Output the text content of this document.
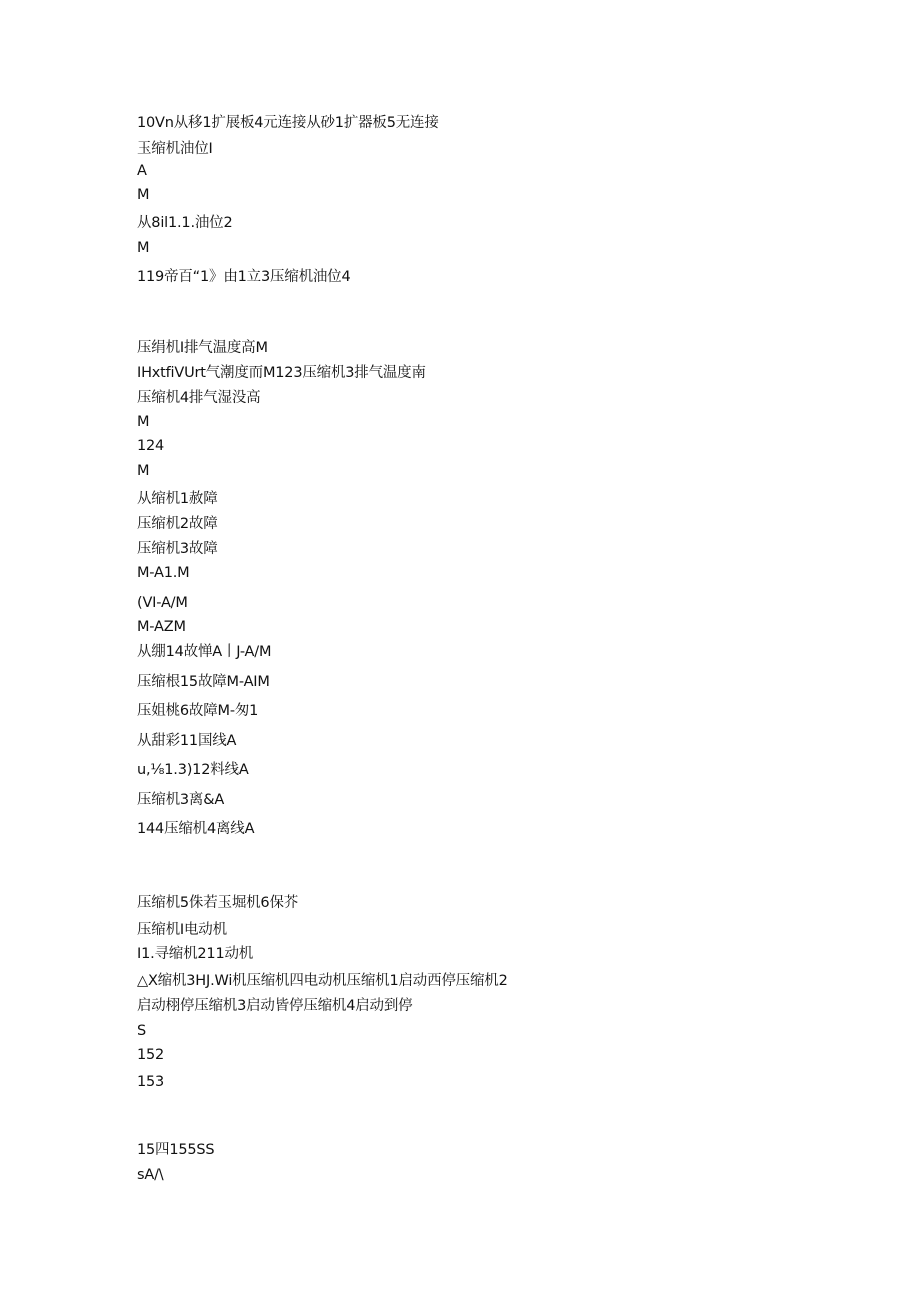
10Vn从移1扩展板4元连接从砂1扩器板5无连接
玉缩机油位I
A
M
从8il1.1.油位2
M
119帝百“1》由1立3压缩机油位4
压绢机I排气温度高M
IHxtfiVUrt气潮度而M123压缩机3排气温度南
压缩机4排气湿没高
M
124
M
从缩机1赦障
压缩机2故障
压缩机3故障
M-A1.M
(VI-A/M
M-AZM
从绷14故惮A丨J-A/M
压缩根15故障M-AIM
压姐桃6故障M-匆1
从甜彩11国线A
u,⅛1.3)12料线A
压缩机3离&A
144压缩机4离线A
压缩机5侏若玉堀机6保芥
压缩机I电动机
I1.寻缩机211动机
△X缩机3HJ.Wi机压缩机四电动机压缩机1启动西停压缩机2
启动栩停压缩机3启动皆停压缩机4启动到停
S
152
153
15四155SS
sA/\
